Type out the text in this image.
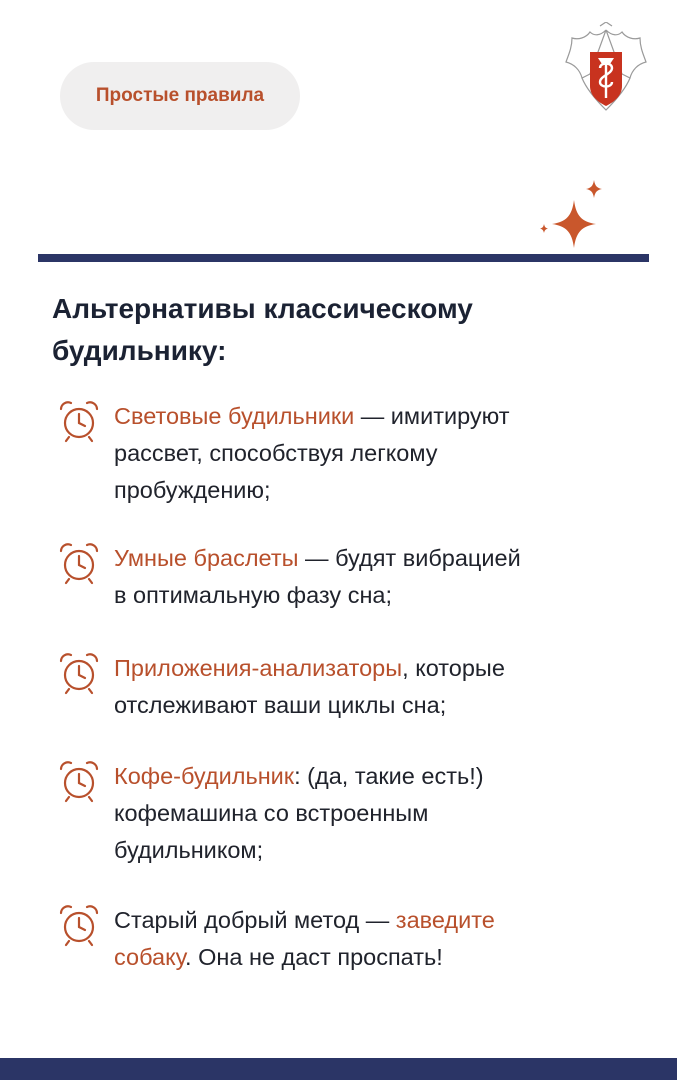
Простые правила
Альтернативы классическому
будильнику:
Световые будильники — имитируют
рассвет, способствуя легкому
пробуждению;
Умные браслеты — будят вибрацией
в оптимальную фазу сна;
Приложения-анализаторы, которые
отслеживают ваши циклы сна;
Кофе-будильник: (да, такие есть!)
кофемашина со встроенным
будильником;
Старый добрый метод — заведите
собаку. Она не даст проспать!
